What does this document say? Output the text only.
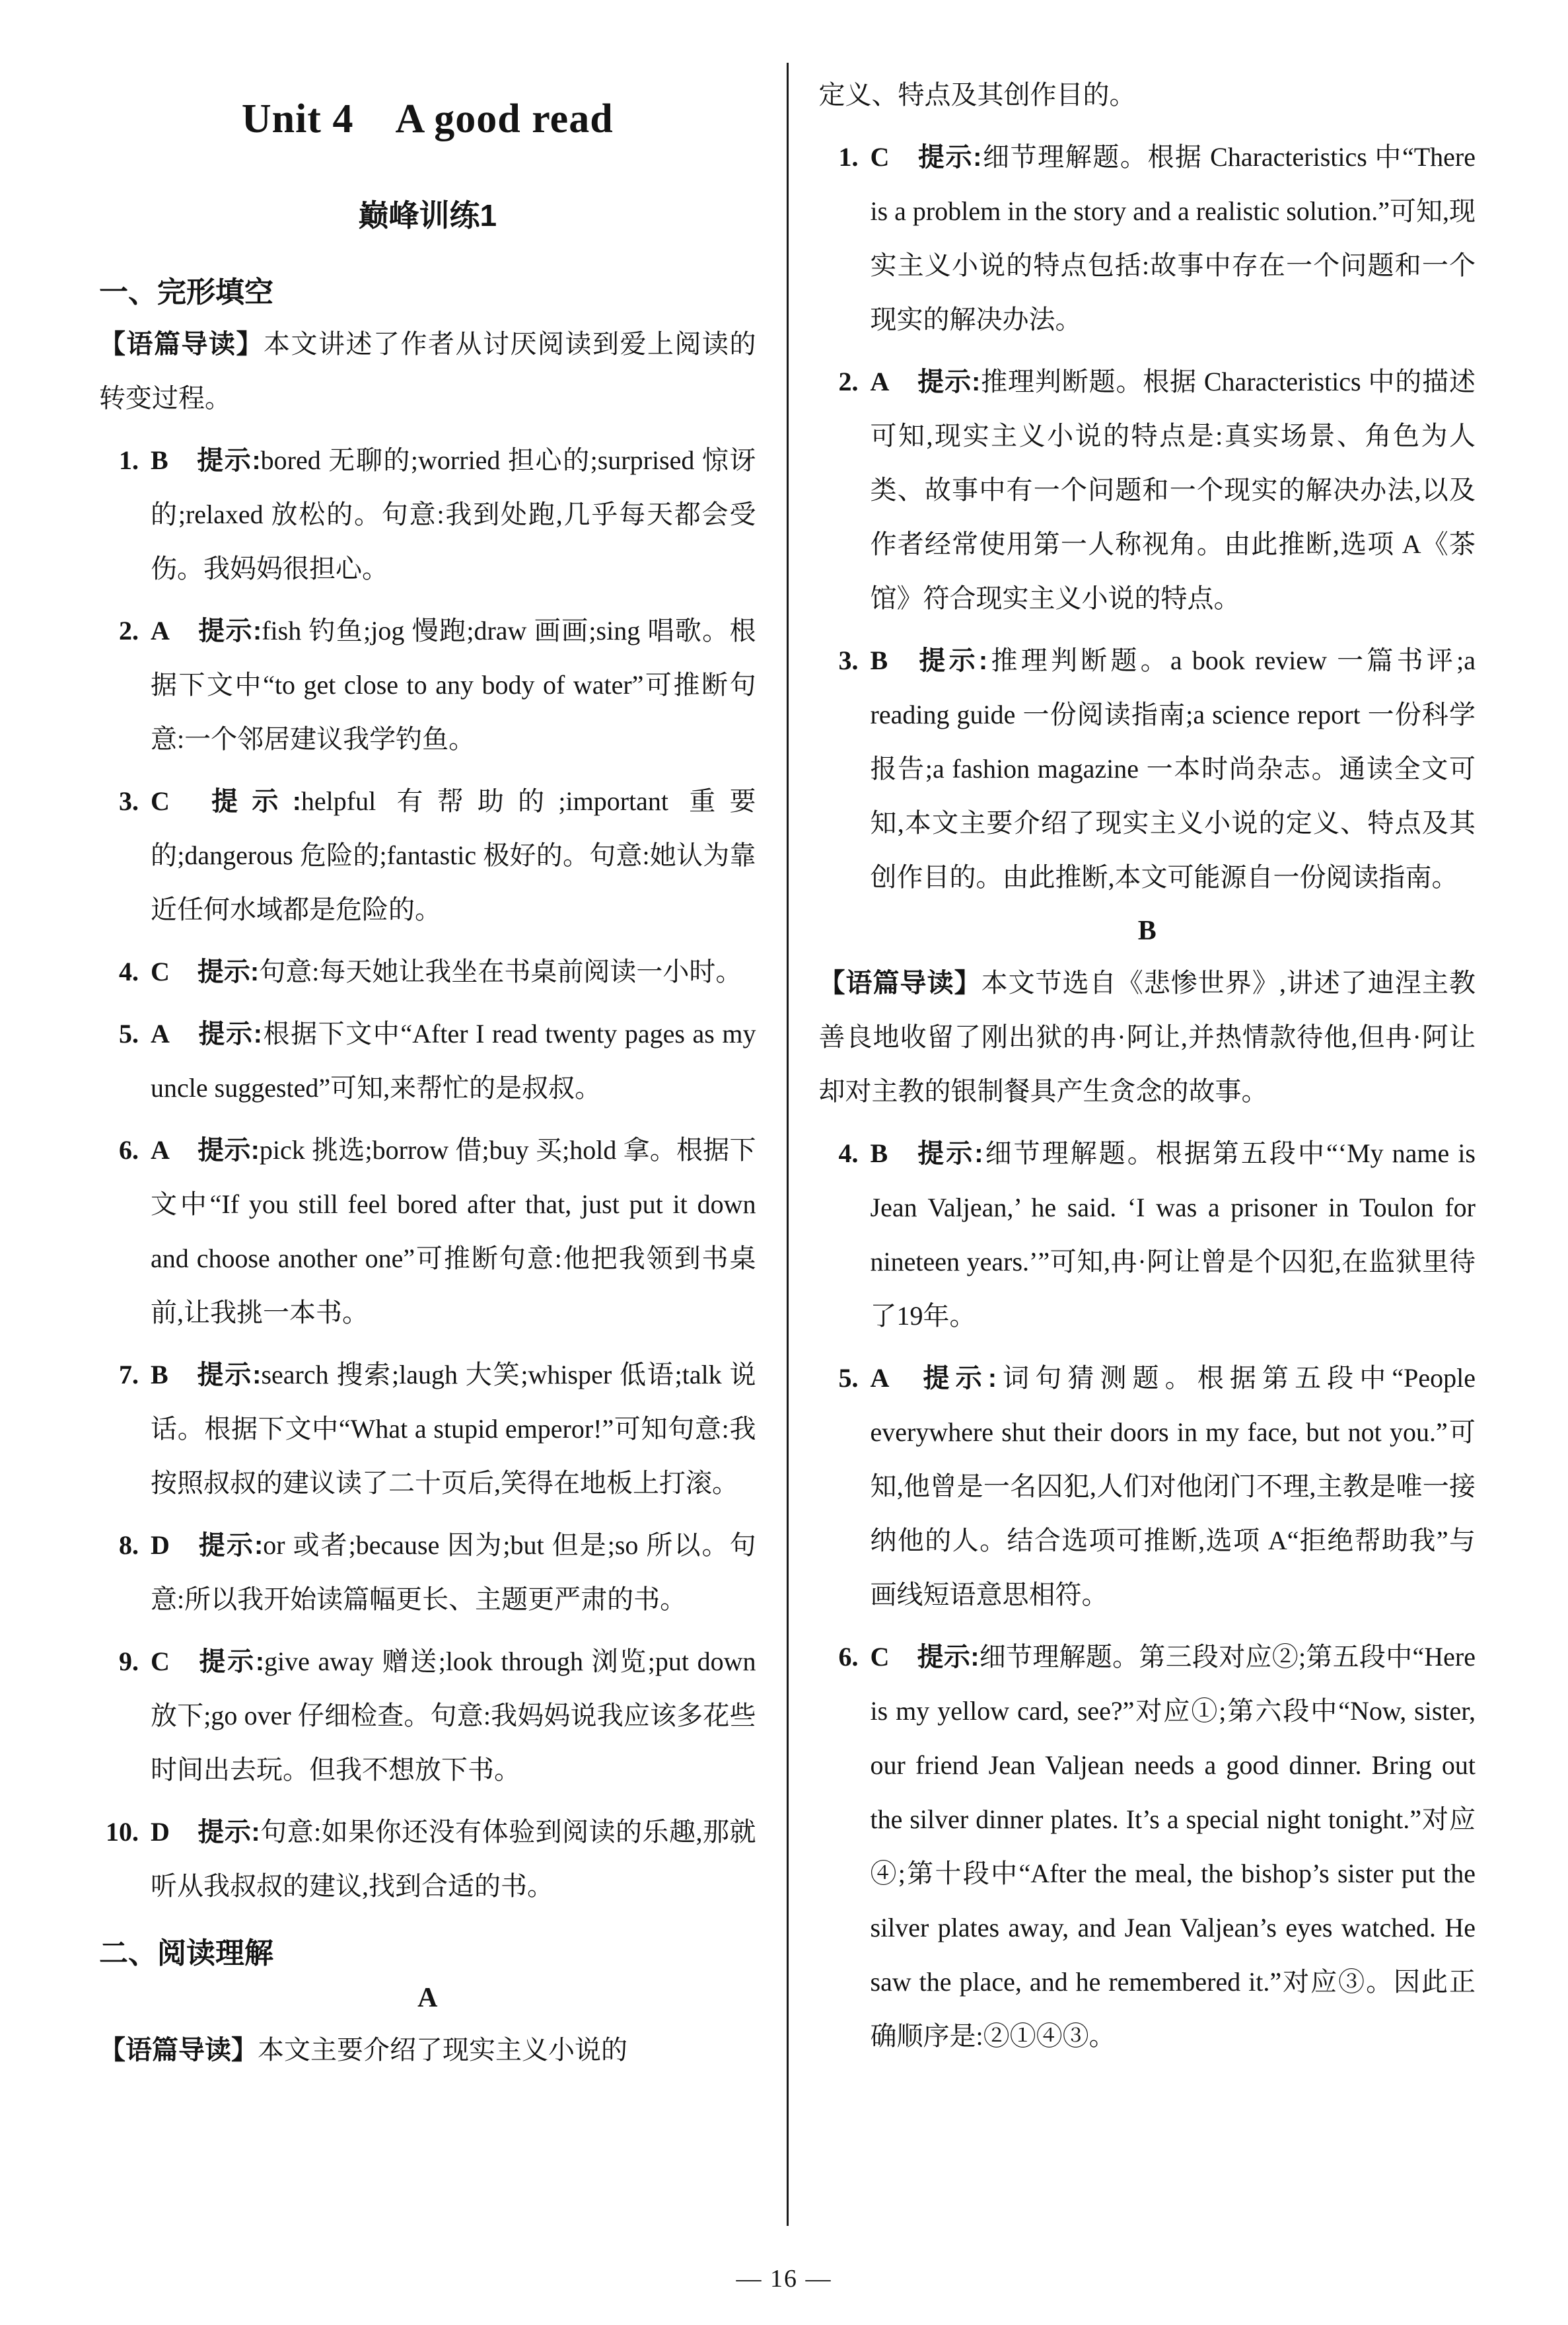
Unit 4　A good read
巅峰训练1
一、完形填空

【语篇导读】本文讲述了作者从讨厌阅读到爱上阅读的转变过程。

1. B 提示:bored 无聊的;worried 担心的;surprised 惊讶的;relaxed 放松的。句意:我到处跑,几乎每天都会受伤。我妈妈很担心。
2. A 提示:fish 钓鱼;jog 慢跑;draw 画画;sing 唱歌。根据下文中“to get close to any body of water”可推断句意:一个邻居建议我学钓鱼。
3. C 提示:helpful 有帮助的;important 重要的;dangerous 危险的;fantastic 极好的。句意:她认为靠近任何水域都是危险的。
4. C 提示:句意:每天她让我坐在书桌前阅读一小时。
5. A 提示:根据下文中“After I read twenty pages as my uncle suggested”可知,来帮忙的是叔叔。
6. A 提示:pick 挑选;borrow 借;buy 买;hold 拿。根据下文中“If you still feel bored after that, just put it down and choose another one”可推断句意:他把我领到书桌前,让我挑一本书。
7. B 提示:search 搜索;laugh 大笑;whisper 低语;talk 说话。根据下文中“What a stupid emperor!”可知句意:我按照叔叔的建议读了二十页后,笑得在地板上打滚。
8. D 提示:or 或者;because 因为;but 但是;so 所以。句意:所以我开始读篇幅更长、主题更严肃的书。
9. C 提示:give away 赠送;look through 浏览;put down 放下;go over 仔细检查。句意:我妈妈说我应该多花些时间出去玩。但我不想放下书。
10. D 提示:句意:如果你还没有体验到阅读的乐趣,那就听从我叔叔的建议,找到合适的书。
二、阅读理解
A

【语篇导读】本文主要介绍了现实主义小说的

定义、特点及其创作目的。

1. C 提示:细节理解题。根据 Characteristics 中“There is a problem in the story and a realistic solution.”可知,现实主义小说的特点包括:故事中存在一个问题和一个现实的解决办法。
2. A 提示:推理判断题。根据 Characteristics 中的描述可知,现实主义小说的特点是:真实场景、角色为人类、故事中有一个问题和一个现实的解决办法,以及作者经常使用第一人称视角。由此推断,选项 A《茶馆》符合现实主义小说的特点。
3. B 提示:推理判断题。a book review 一篇书评;a reading guide 一份阅读指南;a science report 一份科学报告;a fashion magazine 一本时尚杂志。通读全文可知,本文主要介绍了现实主义小说的定义、特点及其创作目的。由此推断,本文可能源自一份阅读指南。
B

【语篇导读】本文节选自《悲惨世界》,讲述了迪涅主教善良地收留了刚出狱的冉·阿让,并热情款待他,但冉·阿让却对主教的银制餐具产生贪念的故事。

4. B 提示:细节理解题。根据第五段中“‘My name is Jean Valjean,’ he said. ‘I was a prisoner in Toulon for nineteen years.’”可知,冉·阿让曾是个囚犯,在监狱里待了19年。
5. A 提示:词句猜测题。根据第五段中“People everywhere shut their doors in my face, but not you.”可知,他曾是一名囚犯,人们对他闭门不理,主教是唯一接纳他的人。结合选项可推断,选项 A“拒绝帮助我”与画线短语意思相符。
6. C 提示:细节理解题。第三段对应②;第五段中“Here is my yellow card, see?”对应①;第六段中“Now, sister, our friend Jean Valjean needs a good dinner. Bring out the silver dinner plates. It’s a special night tonight.”对应④;第十段中“After the meal, the bishop’s sister put the silver plates away, and Jean Valjean’s eyes watched. He saw the place, and he remembered it.”对应③。因此正确顺序是:②①④③。
— 16 —
